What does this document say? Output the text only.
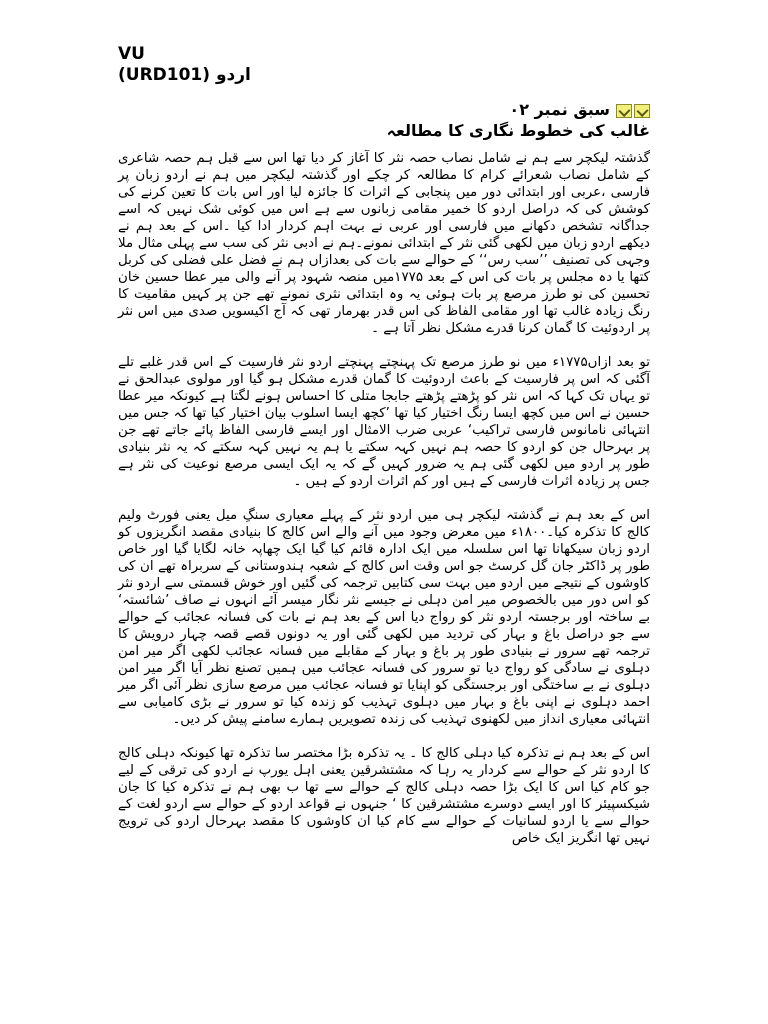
VU
(URD101) اردو
سبق نمبر ۰۲
غالب کی خطوط نگاری کا مطالعہ

گذشتہ لیکچر سے ہم نے شامل نصاب حصہ نثر کا آغاز کر دیا تھا اس سے قبل ہم حصہ شاعری کے شامل نصاب شعرائے کرام کا مطالعہ کر چکے اور گذشتہ لیکچر میں ہم نے اردو زبان پر فارسی ،عربی اور ابتدائی دور میں پنجابی کے اثرات کا جائزہ لیا اور اس بات کا تعین کرنے کی کوشش کی کہ دراصل اردو کا خمیر مقامی زبانوں سے ہے اس میں کوئی شک نہیں کہ اسے جداگانہ تشخص دکھانے میں فارسی اور عربی نے بہت اہم کردار ادا کیا ۔اس کے بعد ہم نے دیکھے اردو زبان میں لکھی گئی نثر کے ابتدائی نمونے۔ہم نے ادبی نثر کی سب سے پہلی مثال ملا وجہی کی تصنیف ’’سب رس‘‘ کے حوالے سے بات کی بعدازاں ہم نے فضل علی فضلی کی کربل کتھا یا دہ مجلس پر بات کی اس کے بعد ۱۷۷۵میں منصہ شہود پر آنے والی میر عطا حسین خان تحسین کی نو طرز مرصع پر بات ہوئی یہ وہ ابتدائی نثری نمونے تھے جن پر کہیں مقامیت کا رنگ زیادہ غالب تھا اور مقامی الفاظ کی اس قدر بھرمار تھی کہ آج اکیسویں صدی میں اس نثر پر اردوئیت کا گمان کرنا قدرے مشکل نظر آتا ہے ۔

تو بعد ازاں۱۷۷۵ء میں نو طرز مرصع تک پہنچتے پہنچتے اردو نثر فارسیت کے اس قدر غلبے تلے آگئی کہ اس پر فارسیت کے باعث اردوئیت کا گمان قدرے مشکل ہو گیا اور مولوی عبدالحق نے تو یہاں تک کہا کہ اس نثر کو پڑھتے پڑھتے جابجا متلی کا احساس ہونے لگتا ہے کیونکہ میر عطا حسین نے اس میں کچھ ایسا رنگ اختیار کیا تھا ’کچھ ایسا اسلوب بیان اختیار کیا تھا کہ جس میں انتہائی نامانوس فارسی تراکیب‘ عربی ضرب الامثال اور ایسے فارسی الفاظ پائے جاتے تھے جن پر بہرحال جن کو اردو کا حصہ ہم نہیں کہہ سکتے یا ہم یہ نہیں کہہ سکتے کہ یہ نثر بنیادی طور پر اردو میں لکھی گئی ہم یہ ضرور کہیں گے کہ یہ ایک ایسی مرصع نوعیت کی نثر ہے جس پر زیادہ اثرات فارسی کے ہیں اور کم اثرات اردو کے ہیں ۔

اس کے بعد ہم نے گذشتہ لیکچر ہی میں اردو نثر کے پہلے معیاری سنگِ میل یعنی فورٹ ولیم کالج کا تذکرہ کیا۔۱۸۰۰ء میں معرض وجود میں آنے والے اس کالج کا بنیادی مقصد انگریزوں کو اردو زبان سیکھانا تھا اس سلسلہ میں ایک ادارہ قائم کیا گیا ایک چھاپہ خانہ لگایا گیا اور خاص طور پر ڈاکٹر جان گل کرسٹ جو اس وقت اس کالج کے شعبہ ہندوستانی کے سربراہ تھے ان کی کاوشوں کے نتیجے میں اردو میں بہت سی کتابیں ترجمہ کی گئیں اور خوش قسمتی سے اردو نثر کو اس دور میں بالخصوص میر امن دہلی نے جیسے نثر نگار میسر آئے انہوں نے صاف ’شائستہ‘ بے ساختہ اور برجستہ اردو نثر کو رواج دیا اس کے بعد ہم نے بات کی فسانہ عجائب کے حوالے سے جو دراصل باغ و بہار کی تردید میں لکھی گئی اور یہ دونوں قصے قصہ چہار درویش کا ترجمہ تھے سرور نے بنیادی طور پر باغ و بہار کے مقابلے میں فسانہ عجائب لکھی اگر میر امن دہلوی نے سادگی کو رواج دیا تو سرور کی فسانہ عجائب میں ہمیں تصنع نظر آیا اگر میر امن دہلوی نے بے ساختگی اور برجستگی کو اپنایا تو فسانہ عجائب میں مرصع سازی نظر آئی اگر میر احمد دہلوی نے اپنی باغ و بہار میں دہلوی تہذیب کو زندہ کیا تو سرور نے بڑی کامیابی سے انتہائی معیاری انداز میں لکھنوی تہذیب کی زندہ تصویریں ہمارے سامنے پیش کر دیں۔

اس کے بعد ہم نے تذکرہ کیا دہلی کالج کا ۔ یہ تذکرہ بڑا مختصر سا تذکرہ تھا کیونکہ دہلی کالج کا اردو نثر کے حوالے سے کردار یہ رہا کہ مشتشرقین یعنی اہل یورپ نے اردو کی ترقی کے لیے جو کام کیا اس کا ایک بڑا حصہ دہلی کالج کے حوالے سے تھا ب بھی ہم نے تذکرہ کیا کا جان شیکسپیئر کا اور ایسے دوسرے مشتشرقین کا ‘ جنہوں نے قواعد اردو کے حوالے سے اردو لغت کے حوالے سے یا اردو لسانیات کے حوالے سے کام کیا ان کاوشوں کا مقصد بہرحال اردو کی ترویج نہیں تھا انگریز ایک خاص
